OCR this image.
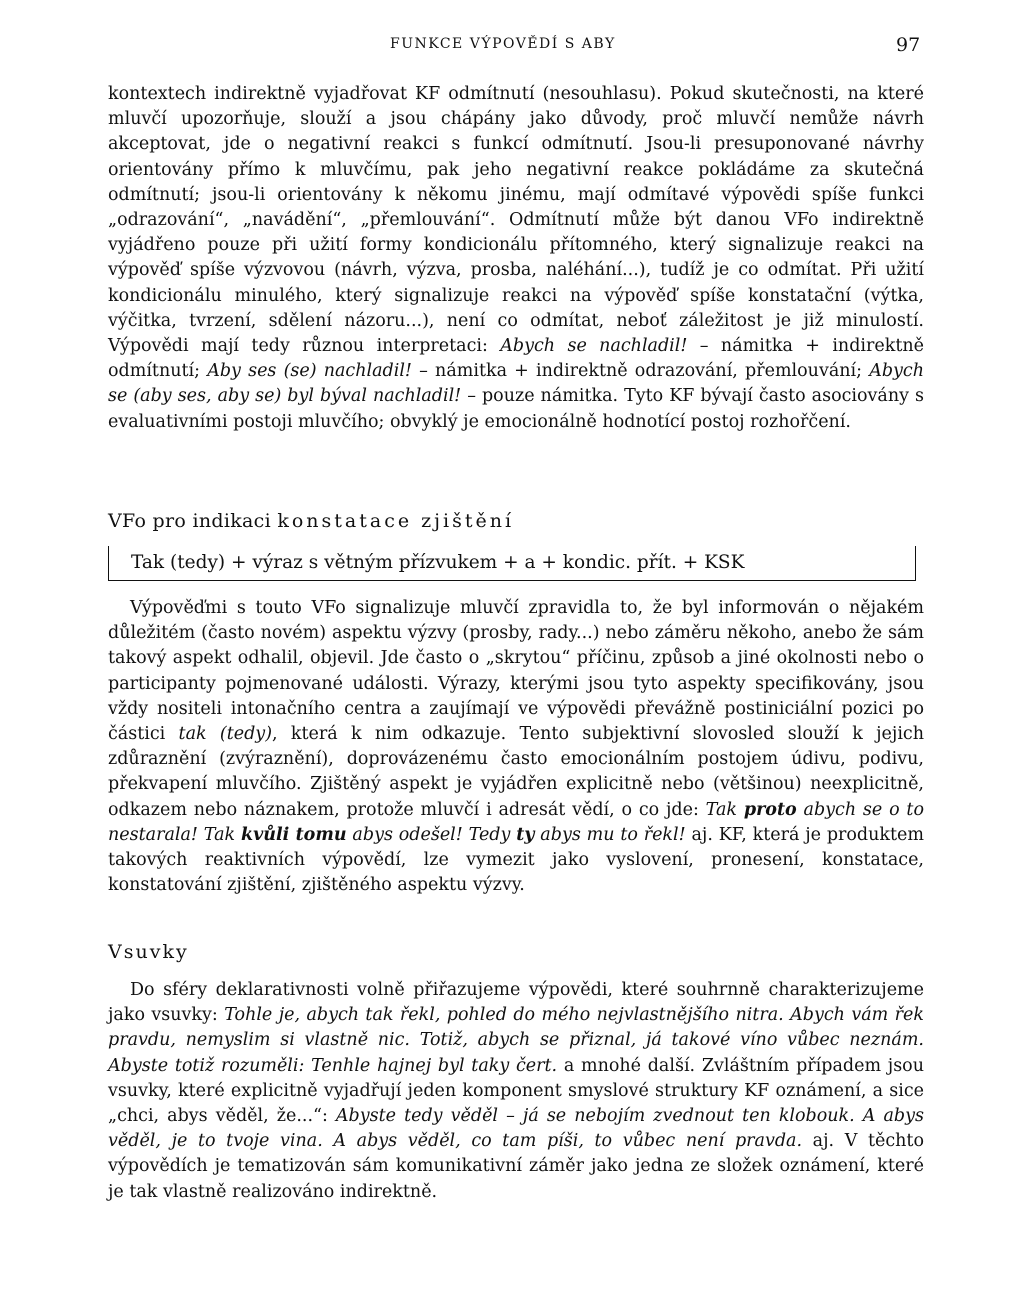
FUNKCE VÝPOVĚDÍ S ABY	97

kontextech indirektně vyjadřovat KF odmítnutí (nesouhlasu). Pokud skutečnosti, na které mluvčí upozorňuje, slouží a jsou chápány jako důvody, proč mluvčí nemůže návrh akceptovat, jde o negativní reakci s funkcí odmítnutí. Jsou-li presuponované návrhy orientovány přímo k mluvčímu, pak jeho negativní reakce pokládáme za skutečná odmítnutí; jsou-li orientovány k někomu jinému, mají odmítavé výpovědi spíše funkci „odrazování“, „navádění“, „přemlouvání“. Odmítnutí může být danou VFo indirektně vyjádřeno pouze při užití formy kondicionálu přítomného, který signalizuje reakci na výpověď spíše výzvovou (návrh, výzva, prosba, naléhání...), tudíž je co odmítat. Při užití kondicionálu minulého, který signalizuje reakci na výpověď spíše konstatační (výtka, výčitka, tvrzení, sdělení názoru...), není co odmítat, neboť záležitost je již minulostí. Výpovědi mají tedy různou interpretaci: Abych se nachladil! – námitka + indirektně odmítnutí; Aby ses (se) nachladil! – námitka + indirektně odrazování, přemlouvání; Abych se (aby ses, aby se) byl býval nachladil! – pouze námitka. Tyto KF bývají často asociovány s evaluativními postoji mluvčího; obvyklý je emocionálně hodnotící postoj rozhořčení.

VFo pro indikaci konstatace zjištění
Tak (tedy) + výraz s větným přízvukem + a + kondic. přít. + KSK

Výpověďmi s touto VFo signalizuje mluvčí zpravidla to, že byl informován o nějakém důležitém (často novém) aspektu výzvy (prosby, rady...) nebo záměru někoho, anebo že sám takový aspekt odhalil, objevil. Jde často o „skrytou“ příčinu, způsob a jiné okolnosti nebo o participanty pojmenované události. Výrazy, kterými jsou tyto aspekty specifikovány, jsou vždy nositeli intonačního centra a zaujímají ve výpovědi převážně postiniciální pozici po částici tak (tedy), která k nim odkazuje. Tento subjektivní slovosled slouží k jejich zdůraznění (zvýraznění), doprovázenému často emocionálním postojem údivu, podivu, překvapení mluvčího. Zjištěný aspekt je vyjádřen explicitně nebo (většinou) neexplicitně, odkazem nebo náznakem, protože mluvčí i adresát vědí, o co jde: Tak proto abych se o to nestarala! Tak kvůli tomu abys odešel! Tedy ty abys mu to řekl! aj. KF, která je produktem takových reaktivních výpovědí, lze vymezit jako vyslovení, pronesení, konstatace, konstatování zjištění, zjištěného aspektu výzvy.

Vsuvky

Do sféry deklarativnosti volně přiřazujeme výpovědi, které souhrnně charakterizujeme jako vsuvky: Tohle je, abych tak řekl, pohled do mého nejvlastnějšího nitra. Abych vám řek pravdu, nemyslim si vlastně nic. Totiž, abych se přiznal, já takové víno vůbec neznám. Abyste totiž rozuměli: Tenhle hajnej byl taky čert. a mnohé další. Zvláštním případem jsou vsuvky, které explicitně vyjadřují jeden komponent smyslové struktury KF oznámení, a sice „chci, abys věděl, že...“: Abyste tedy věděl – já se nebojím zvednout ten klobouk. A abys věděl, je to tvoje vina. A abys věděl, co tam píši, to vůbec není pravda. aj. V těchto výpovědích je tematizován sám komunikativní záměr jako jedna ze složek oznámení, které je tak vlastně realizováno indirektně.
